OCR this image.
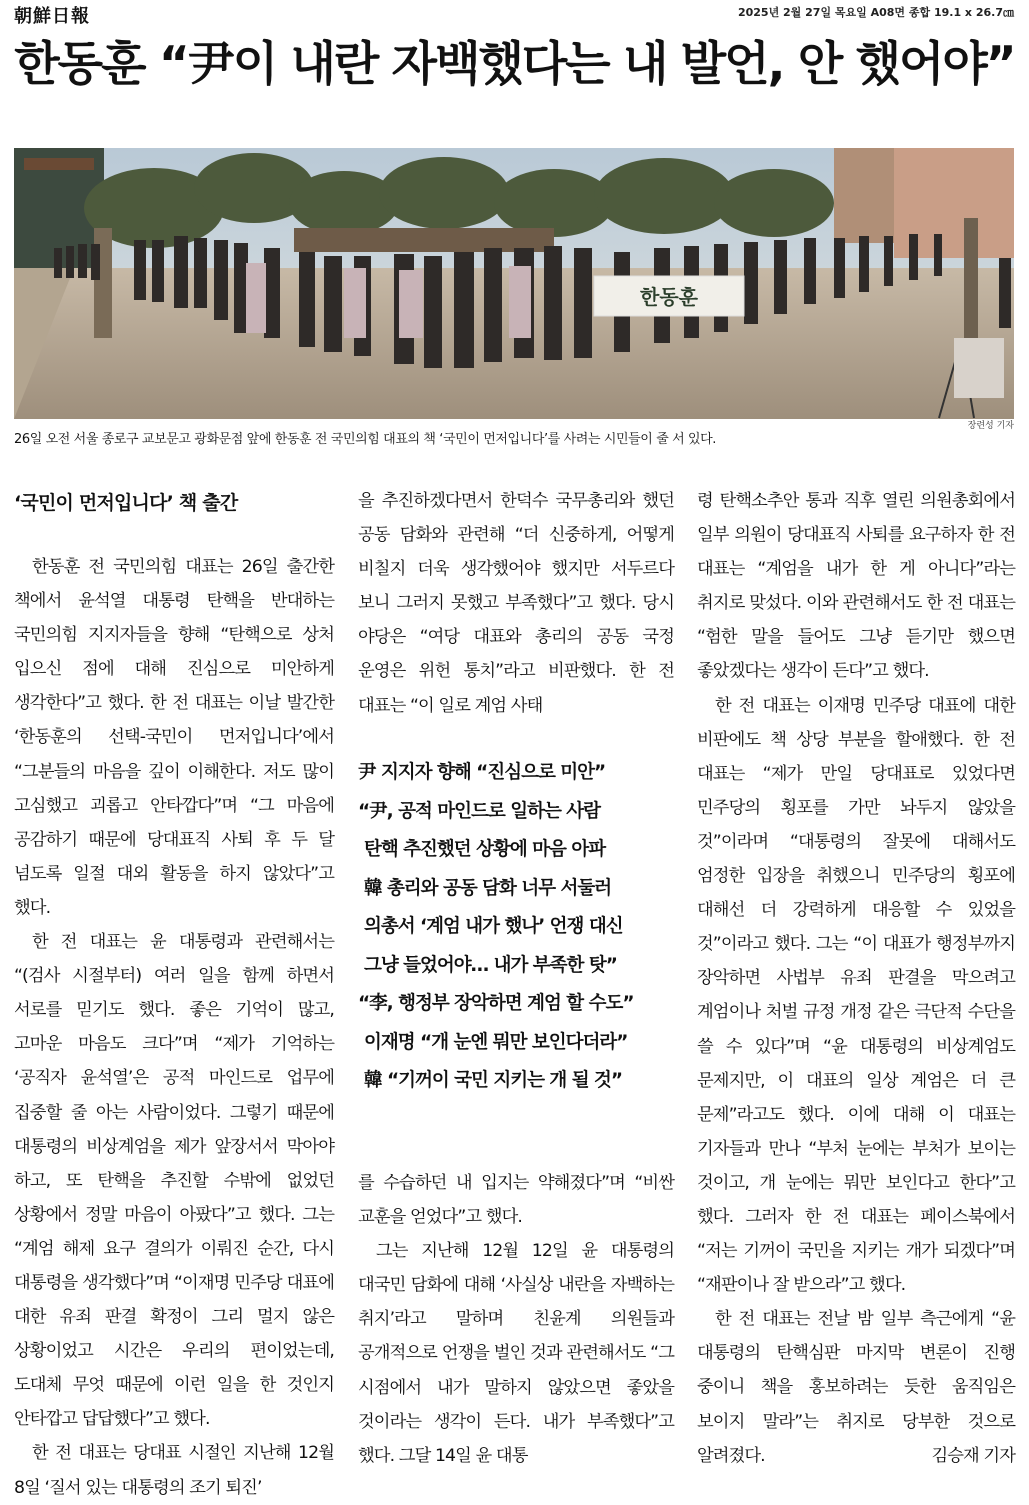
朝鮮日報	2025년 2월 27일 목요일 A08면 종합 19.1 x 26.7㎝
한동훈 “尹이 내란 자백했다는 내 발언, 안 했어야”
한동훈
장련성 기자
26일 오전 서울 종로구 교보문고 광화문점 앞에 한동훈 전 국민의힘 대표의 책 ‘국민이 먼저입니다’를 사려는 시민들이 줄 서 있다.
‘국민이 먼저입니다’ 책 출간

한동훈 전 국민의힘 대표는 26일 출간한 책에서 윤석열 대통령 탄핵을 반대하는 국민의힘 지지자들을 향해 “탄핵으로 상처 입으신 점에 대해 진심으로 미안하게 생각한다”고 했다. 한 전 대표는 이날 발간한 ‘한동훈의 선택-국민이 먼저입니다’에서 “그분들의 마음을 깊이 이해한다. 저도 많이 고심했고 괴롭고 안타깝다”며 “그 마음에 공감하기 때문에 당대표직 사퇴 후 두 달 넘도록 일절 대외 활동을 하지 않았다”고 했다.

한 전 대표는 윤 대통령과 관련해서는 “(검사 시절부터) 여러 일을 함께 하면서 서로를 믿기도 했다. 좋은 기억이 많고, 고마운 마음도 크다”며 “제가 기억하는 ‘공직자 윤석열’은 공적 마인드로 업무에 집중할 줄 아는 사람이었다. 그렇기 때문에 대통령의 비상계엄을 제가 앞장서서 막아야 하고, 또 탄핵을 추진할 수밖에 없었던 상황에서 정말 마음이 아팠다”고 했다. 그는 “계엄 해제 요구 결의가 이뤄진 순간, 다시 대통령을 생각했다”며 “이재명 민주당 대표에 대한 유죄 판결 확정이 그리 멀지 않은 상황이었고 시간은 우리의 편이었는데, 도대체 무엇 때문에 이런 일을 한 것인지 안타깝고 답답했다”고 했다.

한 전 대표는 당대표 시절인 지난해 12월 8일 ‘질서 있는 대통령의 조기 퇴진’

을 추진하겠다면서 한덕수 국무총리와 했던 공동 담화와 관련해 “더 신중하게, 어떻게 비칠지 더욱 생각했어야 했지만 서두르다 보니 그러지 못했고 부족했다”고 했다. 당시 야당은 “여당 대표와 총리의 공동 국정 운영은 위헌 통치”라고 비판했다. 한 전 대표는 “이 일로 계엄 사태

尹 지지자 향해 “진심으로 미안”
“尹, 공적 마인드로 일하는 사람
탄핵 추진했던 상황에 마음 아파
韓 총리와 공동 담화 너무 서둘러
의총서 ‘계엄 내가 했나’ 언쟁 대신
그냥 들었어야… 내가 부족한 탓”
“李, 행정부 장악하면 계엄 할 수도”
이재명 “개 눈엔 뭐만 보인다더라”
韓 “기꺼이 국민 지키는 개 될 것”

를 수습하던 내 입지는 약해졌다”며 “비싼 교훈을 얻었다”고 했다.

그는 지난해 12월 12일 윤 대통령의 대국민 담화에 대해 ‘사실상 내란을 자백하는 취지’라고 말하며 친윤계 의원들과 공개적으로 언쟁을 벌인 것과 관련해서도 “그 시점에서 내가 말하지 않았으면 좋았을 것이라는 생각이 든다. 내가 부족했다”고 했다. 그달 14일 윤 대통

령 탄핵소추안 통과 직후 열린 의원총회에서 일부 의원이 당대표직 사퇴를 요구하자 한 전 대표는 “계엄을 내가 한 게 아니다”라는 취지로 맞섰다. 이와 관련해서도 한 전 대표는 “험한 말을 들어도 그냥 듣기만 했으면 좋았겠다는 생각이 든다”고 했다.

한 전 대표는 이재명 민주당 대표에 대한 비판에도 책 상당 부분을 할애했다. 한 전 대표는 “제가 만일 당대표로 있었다면 민주당의 횡포를 가만 놔두지 않았을 것”이라며 “대통령의 잘못에 대해서도 엄정한 입장을 취했으니 민주당의 횡포에 대해선 더 강력하게 대응할 수 있었을 것”이라고 했다. 그는 “이 대표가 행정부까지 장악하면 사법부 유죄 판결을 막으려고 계엄이나 처벌 규정 개정 같은 극단적 수단을 쓸 수 있다”며 “윤 대통령의 비상계엄도 문제지만, 이 대표의 일상 계엄은 더 큰 문제”라고도 했다. 이에 대해 이 대표는 기자들과 만나 “부처 눈에는 부처가 보이는 것이고, 개 눈에는 뭐만 보인다고 한다”고 했다. 그러자 한 전 대표는 페이스북에서 “저는 기꺼이 국민을 지키는 개가 되겠다”며 “재판이나 잘 받으라”고 했다.

한 전 대표는 전날 밤 일부 측근에게 “윤 대통령의 탄핵심판 마지막 변론이 진행 중이니 책을 홍보하려는 듯한 움직임은 보이지 말라”는 취지로 당부한 것으로 알려졌다.	김승재 기자
